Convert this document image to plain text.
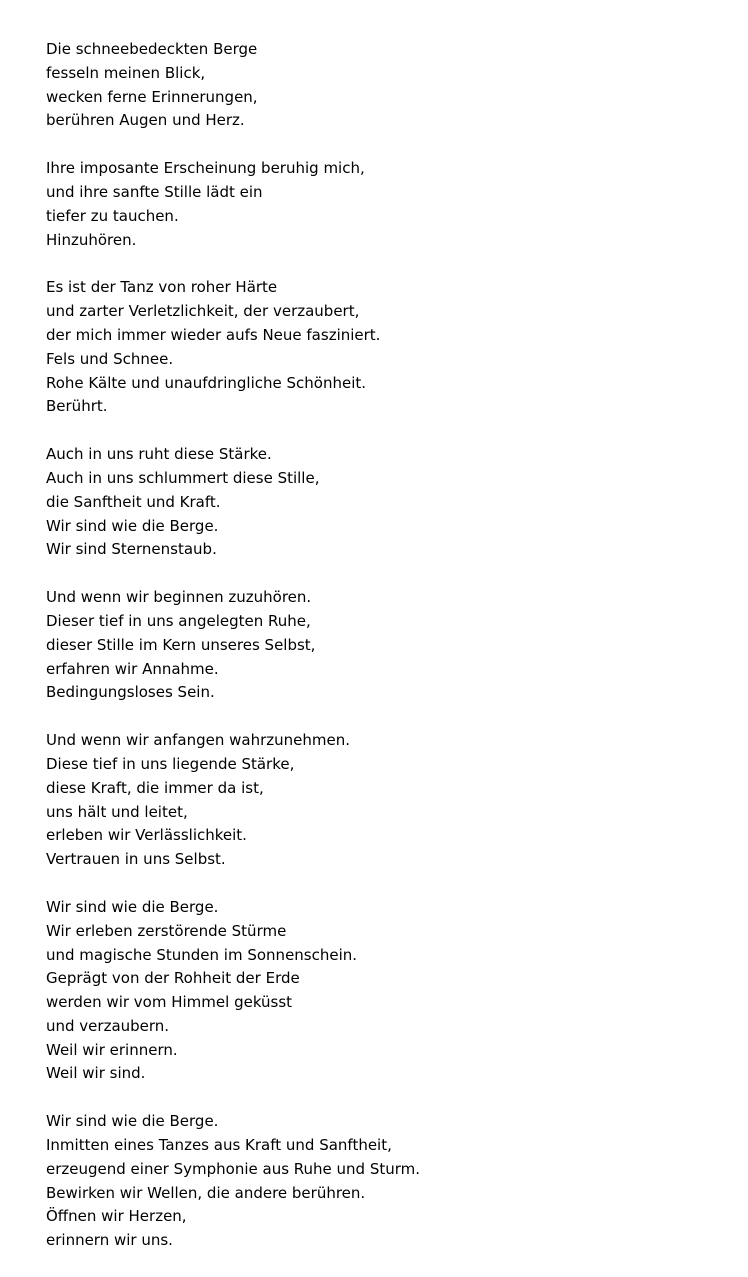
Die schneebedeckten Berge
fesseln meinen Blick,
wecken ferne Erinnerungen,
berühren Augen und Herz.
Ihre imposante Erscheinung beruhig mich,
und ihre sanfte Stille lädt ein
tiefer zu tauchen.
Hinzuhören.
Es ist der Tanz von roher Härte
und zarter Verletzlichkeit, der verzaubert,
der mich immer wieder aufs Neue fasziniert.
Fels und Schnee.
Rohe Kälte und unaufdringliche Schönheit.
Berührt.
Auch in uns ruht diese Stärke.
Auch in uns schlummert diese Stille,
die Sanftheit und Kraft.
Wir sind wie die Berge.
Wir sind Sternenstaub.
Und wenn wir beginnen zuzuhören.
Dieser tief in uns angelegten Ruhe,
dieser Stille im Kern unseres Selbst,
erfahren wir Annahme.
Bedingungsloses Sein.
Und wenn wir anfangen wahrzunehmen.
Diese tief in uns liegende Stärke,
diese Kraft, die immer da ist,
uns hält und leitet,
erleben wir Verlässlichkeit.
Vertrauen in uns Selbst.
Wir sind wie die Berge.
Wir erleben zerstörende Stürme
und magische Stunden im Sonnenschein.
Geprägt von der Rohheit der Erde
werden wir vom Himmel geküsst
und verzaubern.
Weil wir erinnern.
Weil wir sind.
Wir sind wie die Berge.
Inmitten eines Tanzes aus Kraft und Sanftheit,
erzeugend einer Symphonie aus Ruhe und Sturm.
Bewirken wir Wellen, die andere berühren.
Öffnen wir Herzen,
erinnern wir uns.
